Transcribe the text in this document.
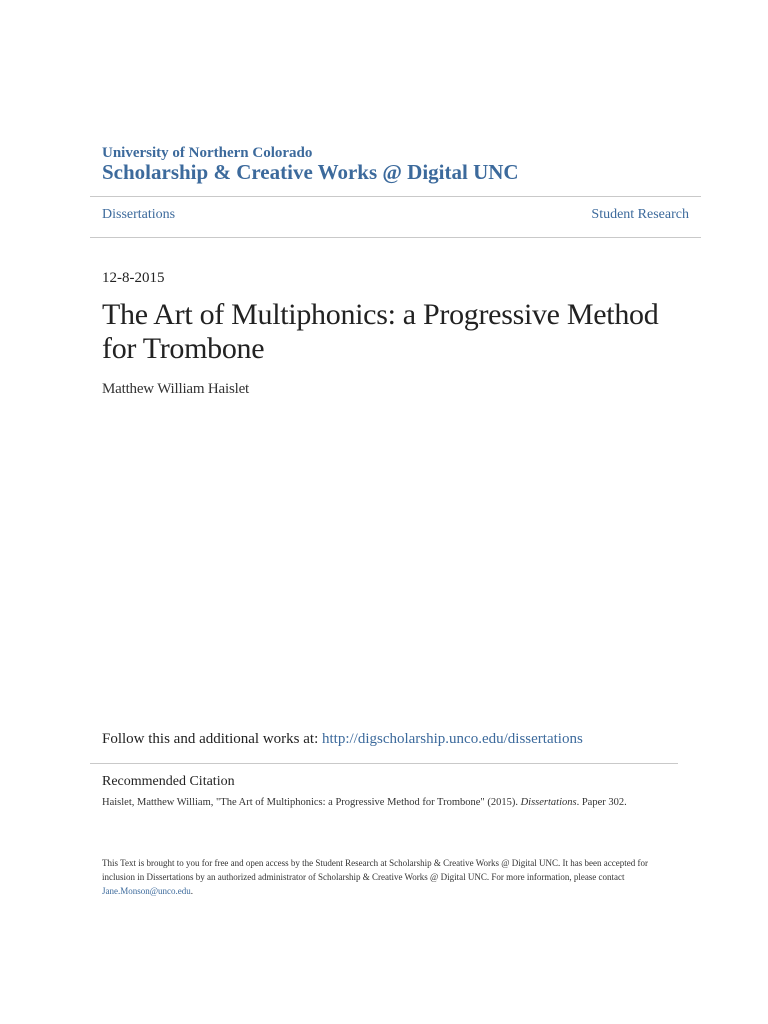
University of Northern Colorado
Scholarship & Creative Works @ Digital UNC
Dissertations	Student Research
12-8-2015
The Art of Multiphonics: a Progressive Method for Trombone
Matthew William Haislet
Follow this and additional works at: http://digscholarship.unco.edu/dissertations
Recommended Citation
Haislet, Matthew William, "The Art of Multiphonics: a Progressive Method for Trombone" (2015). Dissertations. Paper 302.
This Text is brought to you for free and open access by the Student Research at Scholarship & Creative Works @ Digital UNC. It has been accepted for inclusion in Dissertations by an authorized administrator of Scholarship & Creative Works @ Digital UNC. For more information, please contact Jane.Monson@unco.edu.
